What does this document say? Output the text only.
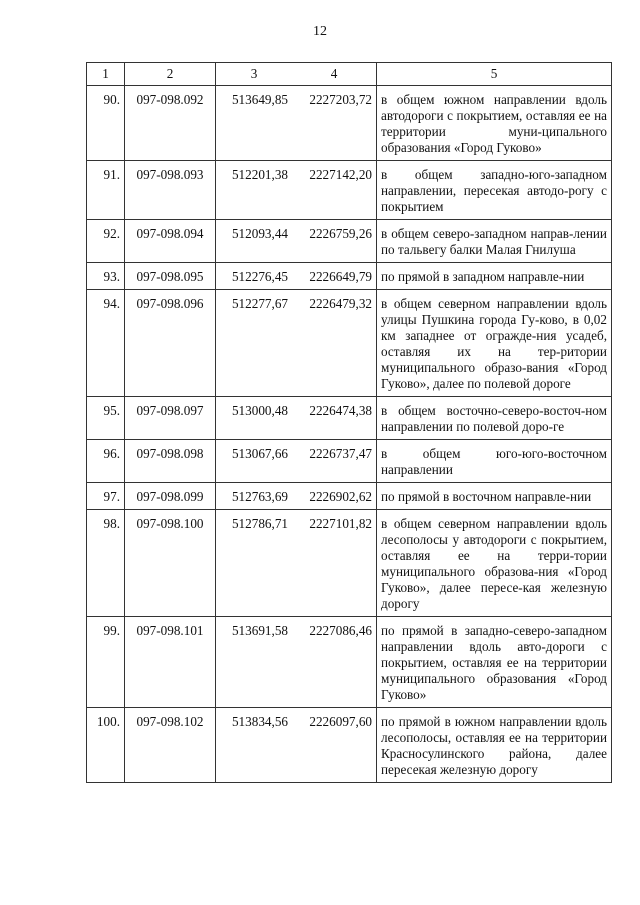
12
1	2	3	4	5
90.	097-098.092	513649,85	2227203,72	в общем южном направлении вдоль автодороги с покрытием, оставляя ее на территории муни-ципального образования «Город Гуково»
91.	097-098.093	512201,38	2227142,20	в общем западно-юго-западном направлении, пересекая автодо-рогу с покрытием
92.	097-098.094	512093,44	2226759,26	в общем северо-западном направ-лении по тальвегу балки Малая Гнилуша
93.	097-098.095	512276,45	2226649,79	по прямой в западном направле-нии
94.	097-098.096	512277,67	2226479,32	в общем северном направлении вдоль улицы Пушкина города Гу-ково, в 0,02 км западнее от огражде-ния усадеб, оставляя их на тер-ритории муниципального образо-вания «Город Гуково», далее по полевой дороге
95.	097-098.097	513000,48	2226474,38	в общем восточно-северо-восточ-ном направлении по полевой доро-ге
96.	097-098.098	513067,66	2226737,47	в общем юго-юго-восточном направлении
97.	097-098.099	512763,69	2226902,62	по прямой в восточном направле-нии
98.	097-098.100	512786,71	2227101,82	в общем северном направлении вдоль лесополосы у автодороги с покрытием, оставляя ее на терри-тории муниципального образова-ния «Город Гуково», далее пересе-кая железную дорогу
99.	097-098.101	513691,58	2227086,46	по прямой в западно-северо-западном направлении вдоль авто-дороги с покрытием, оставляя ее на территории муниципального образования «Город Гуково»
100.	097-098.102	513834,56	2226097,60	по прямой в южном направлении вдоль лесополосы, оставляя ее на территории Красносулинского района, далее пересекая железную дорогу
